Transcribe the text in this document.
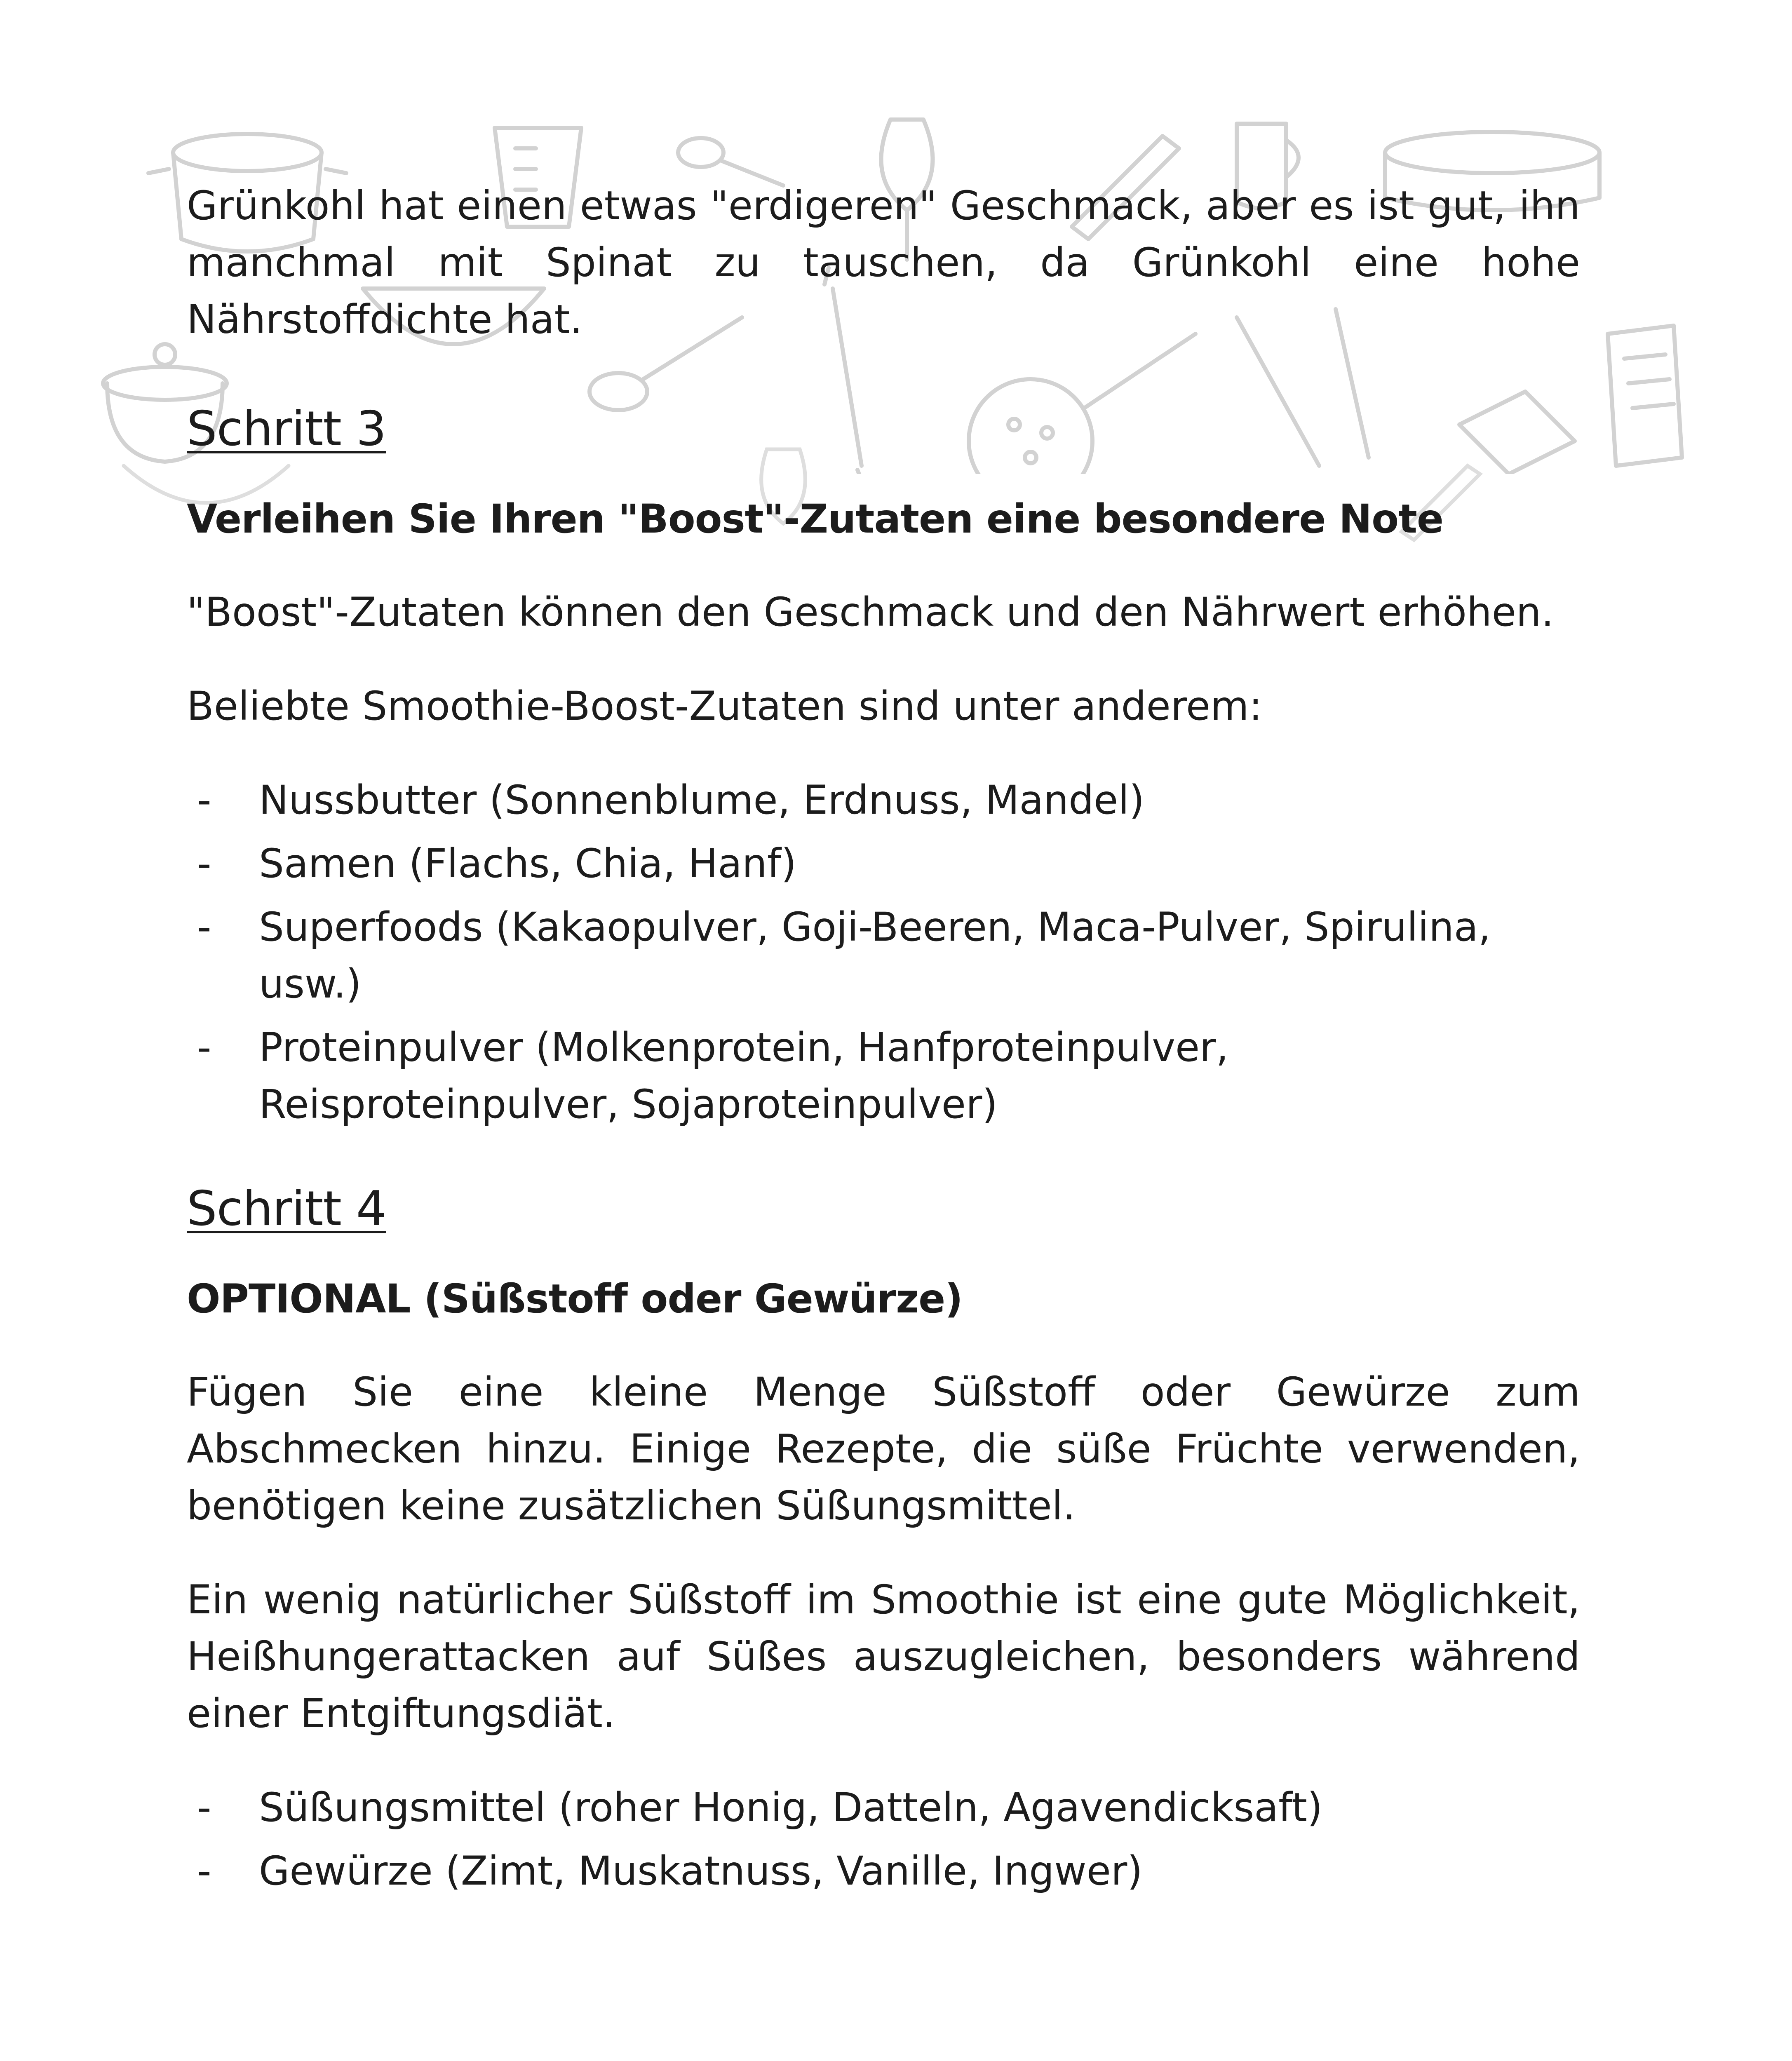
Grünkohl hat einen etwas "erdigeren" Geschmack, aber es ist gut, ihn manchmal mit Spinat zu tauschen, da Grünkohl eine hohe Nährstoffdichte hat.

Schritt 3
Verleihen Sie Ihren "Boost"-Zutaten eine besondere Note

"Boost"-Zutaten können den Geschmack und den Nährwert erhöhen.

Beliebte Smoothie-Boost-Zutaten sind unter anderem:

- Nussbutter (Sonnenblume, Erdnuss, Mandel)
- Samen (Flachs, Chia, Hanf)
- Superfoods (Kakaopulver, Goji-Beeren, Maca-Pulver, Spirulina, usw.)
- Proteinpulver (Molkenprotein, Hanfproteinpulver, Reisproteinpulver, Sojaproteinpulver)
Schritt 4
OPTIONAL (Süßstoff oder Gewürze)

Fügen Sie eine kleine Menge Süßstoff oder Gewürze zum Abschmecken hinzu. Einige Rezepte, die süße Früchte verwenden, benötigen keine zusätzlichen Süßungsmittel.

Ein wenig natürlicher Süßstoff im Smoothie ist eine gute Möglichkeit, Heißhungerattacken auf Süßes auszugleichen, besonders während einer Entgiftungsdiät.

- Süßungsmittel (roher Honig, Datteln, Agavendicksaft)
- Gewürze (Zimt, Muskatnuss, Vanille, Ingwer)
